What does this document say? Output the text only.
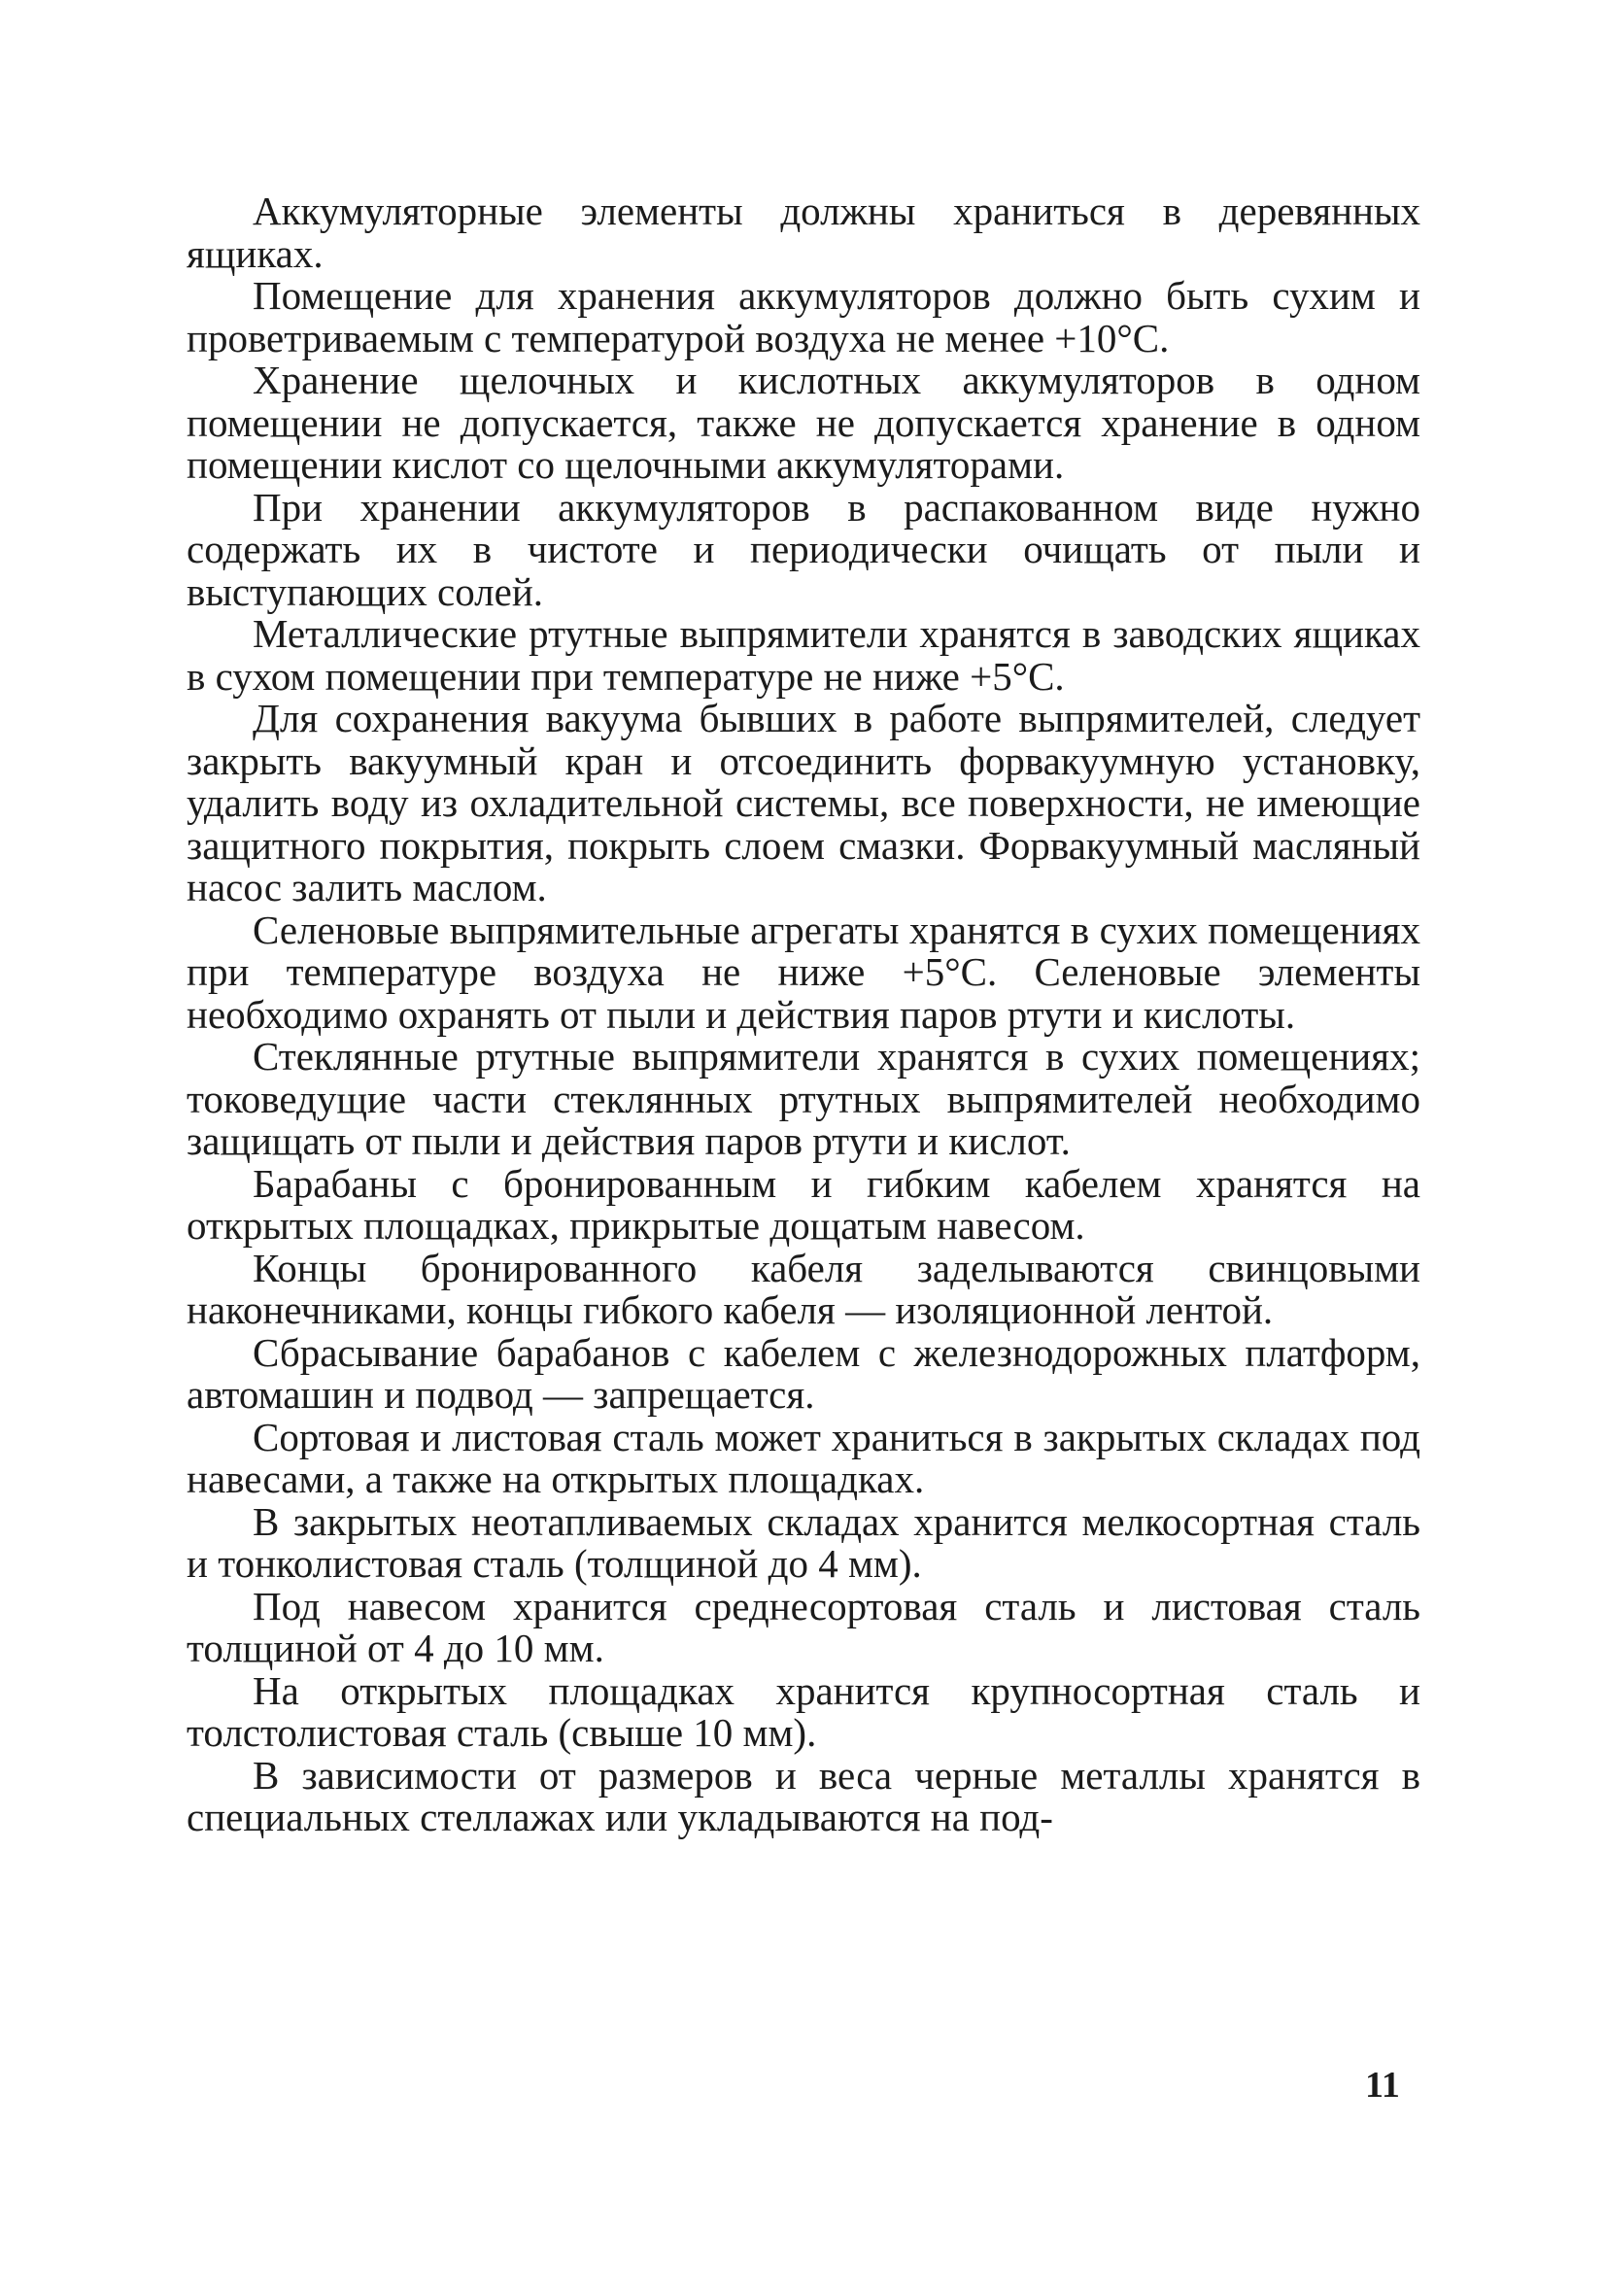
Аккумуляторные элементы должны храниться в деревянных ящиках.

Помещение для хранения аккумуляторов должно быть сухим и проветриваемым с температурой воздуха не менее +10°С.

Хранение щелочных и кислотных аккумуляторов в одном помещении не допускается, также не допускается хранение в одном помещении кислот со щелочными аккумуляторами.

При хранении аккумуляторов в распакованном виде нужно содержать их в чистоте и периодически очищать от пыли и выступающих солей.

Металлические ртутные выпрямители хранятся в заводских ящиках в сухом помещении при температуре не ниже +5°С.

Для сохранения вакуума бывших в работе выпрямителей, следует закрыть вакуумный кран и отсоединить форвакуумную установку, удалить воду из охладительной системы, все поверхности, не имеющие защитного покрытия, покрыть слоем смазки. Форвакуумный масляный насос залить маслом.

Селеновые выпрямительные агрегаты хранятся в сухих помещениях при температуре воздуха не ниже +5°С. Селеновые элементы необходимо охранять от пыли и действия паров ртути и кислоты.

Стеклянные ртутные выпрямители хранятся в сухих помещениях; токоведущие части стеклянных ртутных выпрямителей необходимо защищать от пыли и действия паров ртути и кислот.

Барабаны с бронированным и гибким кабелем хранятся на открытых площадках, прикрытые дощатым навесом.

Концы бронированного кабеля заделываются свинцовыми наконечниками, концы гибкого кабеля — изоляционной лентой.

Сбрасывание барабанов с кабелем с железнодорожных платформ, автомашин и подвод — запрещается.

Сортовая и листовая сталь может храниться в закрытых складах под навесами, а также на открытых площадках.

В закрытых неотапливаемых складах хранится мелкосортная сталь и тонколистовая сталь (толщиной до 4 мм).

Под навесом хранится среднесортовая сталь и листовая сталь толщиной от 4 до 10 мм.

На открытых площадках хранится крупносортная сталь и толстолистовая сталь (свыше 10 мм).

В зависимости от размеров и веса черные металлы хранятся в специальных стеллажах или укладываются на под-

11
